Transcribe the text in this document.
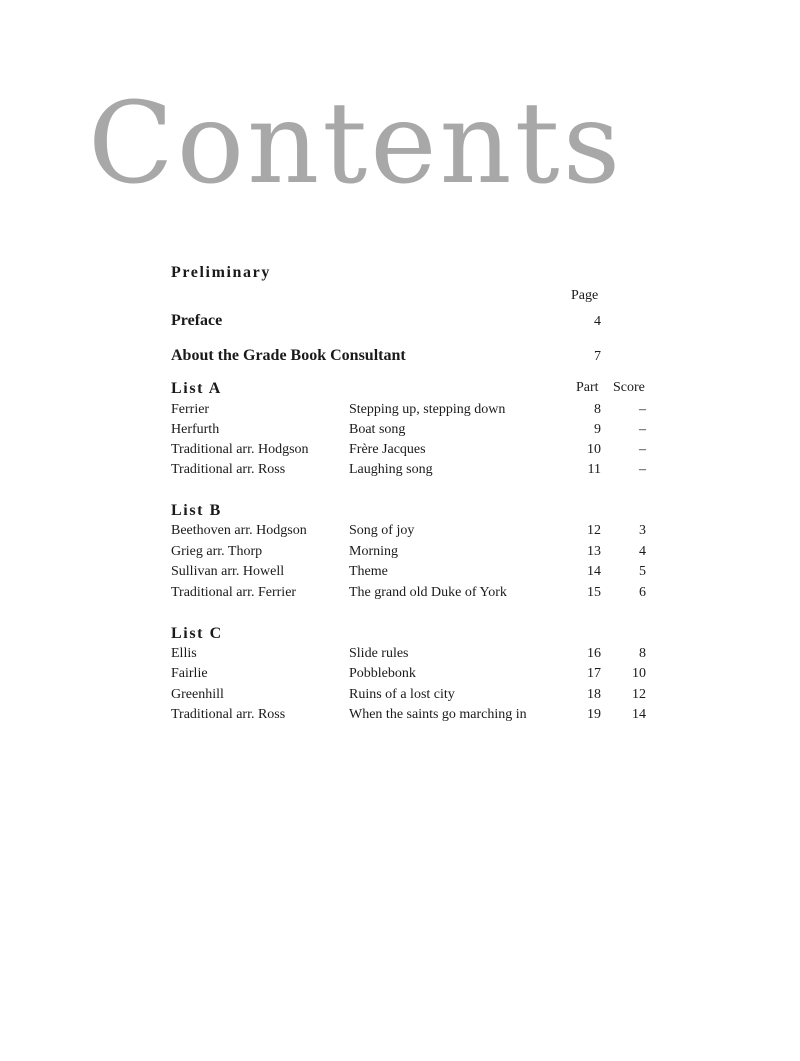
Contents
Preliminary
Page
Preface	4
About the Grade Book Consultant	7
List A	Part Score
Ferrier	Stepping up, stepping down	8	–
Herfurth	Boat song	9	–
Traditional arr. Hodgson	Frère Jacques	10	–
Traditional arr. Ross	Laughing song	11	–
List B
Beethoven arr. Hodgson	Song of joy	12	3
Grieg arr. Thorp	Morning	13	4
Sullivan arr. Howell	Theme	14	5
Traditional arr. Ferrier	The grand old Duke of York	15	6
List C
Ellis	Slide rules	16	8
Fairlie	Pobblebonk	17	10
Greenhill	Ruins of a lost city	18	12
Traditional arr. Ross	When the saints go marching in	19	14
